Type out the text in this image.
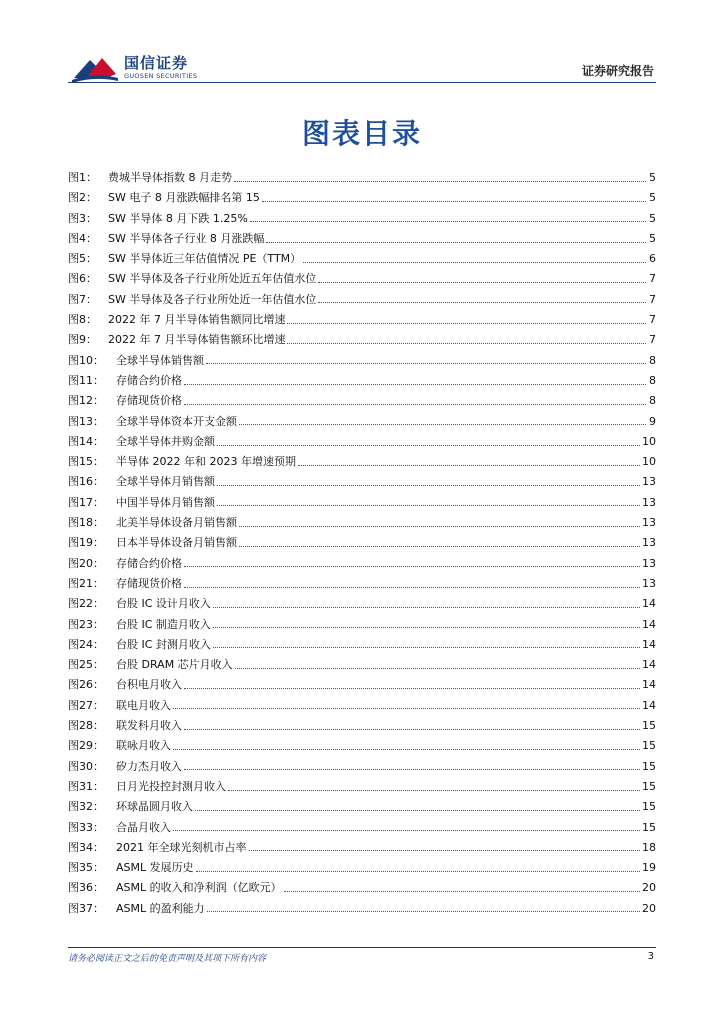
国信证券
GUOSEN SECURITIES	证券研究报告
图表目录
图1：	费城半导体指数 8 月走势	5
图2：	SW 电子 8 月涨跌幅排名第 15	5
图3：	SW 半导体 8 月下跌 1.25%	5
图4：	SW 半导体各子行业 8 月涨跌幅	5
图5：	SW 半导体近三年估值情况 PE（TTM）	6
图6：	SW 半导体及各子行业所处近五年估值水位	7
图7：	SW 半导体及各子行业所处近一年估值水位	7
图8：	2022 年 7 月半导体销售额同比增速	7
图9：	2022 年 7 月半导体销售额环比增速	7
图10：	全球半导体销售额	8
图11：	存储合约价格	8
图12：	存储现货价格	8
图13：	全球半导体资本开支金额	9
图14：	全球半导体并购金额	10
图15：	半导体 2022 年和 2023 年增速预期	10
图16：	全球半导体月销售额	13
图17：	中国半导体月销售额	13
图18：	北美半导体设备月销售额	13
图19：	日本半导体设备月销售额	13
图20：	存储合约价格	13
图21：	存储现货价格	13
图22：	台股 IC 设计月收入	14
图23：	台股 IC 制造月收入	14
图24：	台股 IC 封测月收入	14
图25：	台股 DRAM 芯片月收入	14
图26：	台积电月收入	14
图27：	联电月收入	14
图28：	联发科月收入	15
图29：	联咏月收入	15
图30：	矽力杰月收入	15
图31：	日月光投控封测月收入	15
图32：	环球晶圆月收入	15
图33：	合晶月收入	15
图34：	2021 年全球光刻机市占率	18
图35：	ASML 发展历史	19
图36：	ASML 的收入和净利润（亿欧元）	20
图37：	ASML 的盈利能力	20
请务必阅读正文之后的免责声明及其项下所有内容	3
